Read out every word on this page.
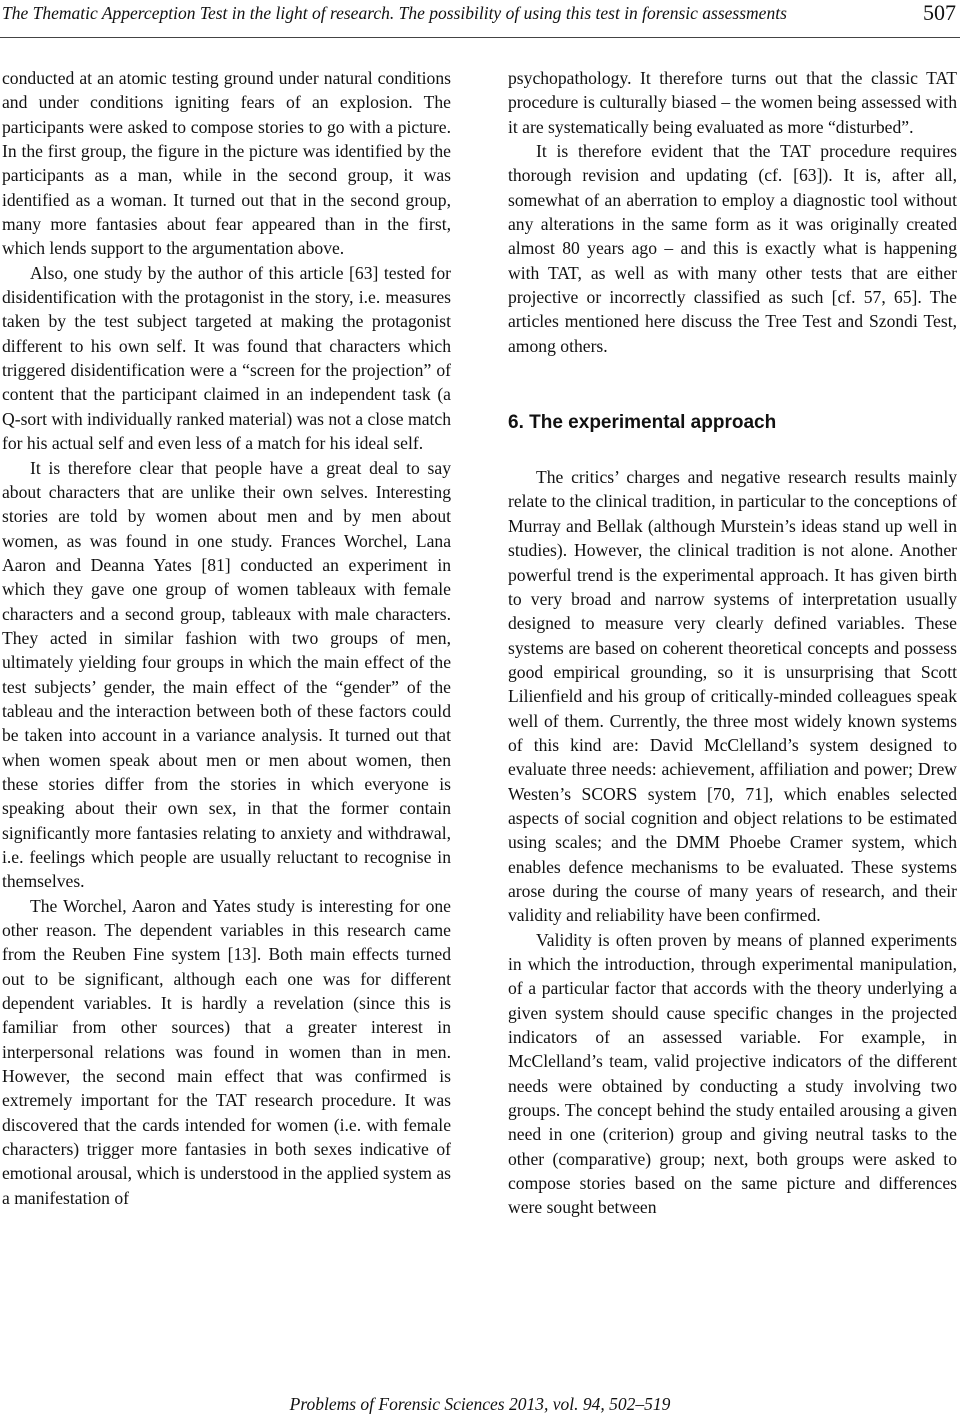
The Thematic Apperception Test in the light of research. The possibility of using this test in forensic assessments	507

conducted at an atomic testing ground under natural conditions and under conditions igniting fears of an explosion. The participants were asked to compose stories to go with a picture. In the first group, the figure in the picture was identified by the participants as a man, while in the second group, it was identified as a woman. It turned out that in the second group, many more fantasies about fear appeared than in the first, which lends support to the argumentation above.

Also, one study by the author of this article [63] tested for disidentification with the protagonist in the story, i.e. measures taken by the test subject targeted at making the protagonist different to his own self. It was found that characters which triggered disidentification were a “screen for the projection” of content that the participant claimed in an independent task (a Q-sort with individually ranked material) was not a close match for his actual self and even less of a match for his ideal self.

It is therefore clear that people have a great deal to say about characters that are unlike their own selves. Interesting stories are told by women about men and by men about women, as was found in one study. Frances Worchel, Lana Aaron and Deanna Yates [81] conducted an experiment in which they gave one group of women tableaux with female characters and a second group, tableaux with male characters. They acted in similar fashion with two groups of men, ultimately yielding four groups in which the main effect of the test subjects’ gender, the main effect of the “gender” of the tableau and the interaction between both of these factors could be taken into account in a variance analysis. It turned out that when women speak about men or men about women, then these stories differ from the stories in which everyone is speaking about their own sex, in that the former contain significantly more fantasies relating to anxiety and withdrawal, i.e. feelings which people are usually reluctant to recognise in themselves.

The Worchel, Aaron and Yates study is interesting for one other reason. The dependent variables in this research came from the Reuben Fine system [13]. Both main effects turned out to be significant, although each one was for different dependent variables. It is hardly a revelation (since this is familiar from other sources) that a greater interest in interpersonal relations was found in women than in men. However, the second main effect that was confirmed is extremely important for the TAT research procedure. It was discovered that the cards intended for women (i.e. with female characters) trigger more fantasies in both sexes indicative of emotional arousal, which is understood in the applied system as a manifestation of

psychopathology. It therefore turns out that the classic TAT procedure is culturally biased – the women being assessed with it are systematically being evaluated as more “disturbed”.

It is therefore evident that the TAT procedure requires thorough revision and updating (cf. [63]). It is, after all, somewhat of an aberration to employ a diagnostic tool without any alterations in the same form as it was originally created almost 80 years ago – and this is exactly what is happening with TAT, as well as with many other tests that are either projective or incorrectly classified as such [cf. 57, 65]. The articles mentioned here discuss the Tree Test and Szondi Test, among others.

6. The experimental approach

The critics’ charges and negative research results mainly relate to the clinical tradition, in particular to the conceptions of Murray and Bellak (although Murstein’s ideas stand up well in studies). However, the clinical tradition is not alone. Another powerful trend is the experimental approach. It has given birth to very broad and narrow systems of interpretation usually designed to measure very clearly defined variables. These systems are based on coherent theoretical concepts and possess good empirical grounding, so it is unsurprising that Scott Lilienfield and his group of critically-minded colleagues speak well of them. Currently, the three most widely known systems of this kind are: David McClelland’s system designed to evaluate three needs: achievement, affiliation and power; Drew Westen’s SCORS system [70, 71], which enables selected aspects of social cognition and object relations to be estimated using scales; and the DMM Phoebe Cramer system, which enables defence mechanisms to be evaluated. These systems arose during the course of many years of research, and their validity and reliability have been confirmed.

Validity is often proven by means of planned experiments in which the introduction, through experimental manipulation, of a particular factor that accords with the theory underlying a given system should cause specific changes in the projected indicators of an assessed variable. For example, in McClelland’s team, valid projective indicators of the different needs were obtained by conducting a study involving two groups. The concept behind the study entailed arousing a given need in one (criterion) group and giving neutral tasks to the other (comparative) group; next, both groups were asked to compose stories based on the same picture and differences were sought between

Problems of Forensic Sciences 2013, vol. 94, 502–519
